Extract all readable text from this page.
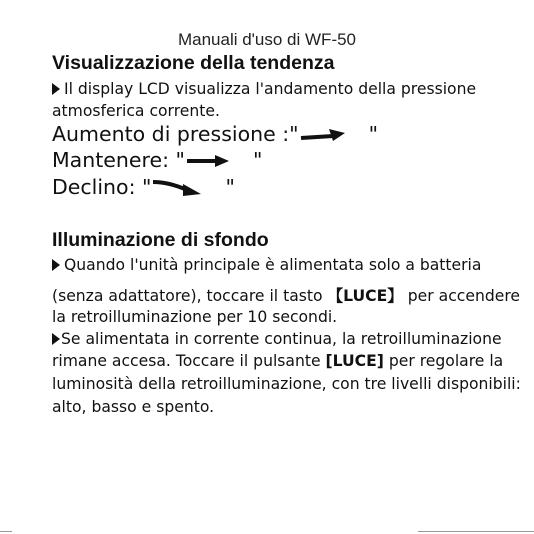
Manuali d'uso di WF-50
Visualizzazione della tendenza
Il display LCD visualizza l'andamento della pressione
atmosferica corrente.
Aumento di pressione :"	"
Mantenere: "	"
Declino: "	"
Illuminazione di sfondo
Quando l'unità principale è alimentata solo a batteria
(senza adattatore), toccare il tasto 【LUCE】 per accendere
la retroilluminazione per 10 secondi.
Se alimentata in corrente continua, la retroilluminazione
rimane accesa. Toccare il pulsante [LUCE] per regolare la
luminosità della retroilluminazione, con tre livelli disponibili:
alto, basso e spento.
